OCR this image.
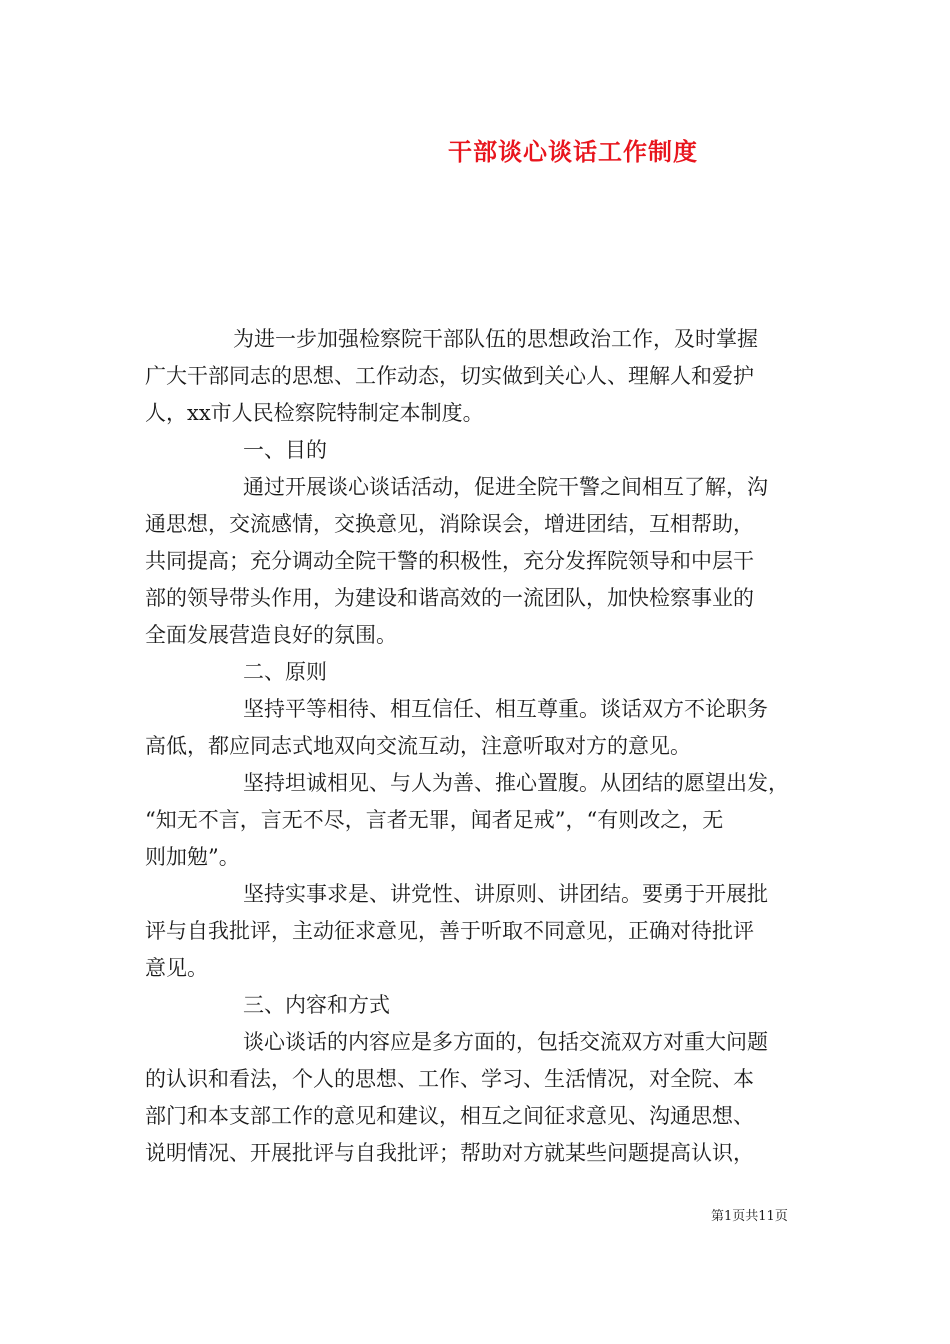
干部谈心谈话工作制度
为进一步加强检察院干部队伍的思想政治工作，及时掌握
广大干部同志的思想、工作动态，切实做到关心人、理解人和爱护
人，xx市人民检察院特制定本制度。
一、目的
通过开展谈心谈话活动，促进全院干警之间相互了解，沟
通思想，交流感情，交换意见，消除误会，增进团结，互相帮助，
共同提高；充分调动全院干警的积极性，充分发挥院领导和中层干
部的领导带头作用，为建设和谐高效的一流团队，加快检察事业的
全面发展营造良好的氛围。
二、原则
坚持平等相待、相互信任、相互尊重。谈话双方不论职务
高低，都应同志式地双向交流互动，注意听取对方的意见。
坚持坦诚相见、与人为善、推心置腹。从团结的愿望出发，
“知无不言，言无不尽，言者无罪，闻者足戒”，“有则改之，无
则加勉”。
坚持实事求是、讲党性、讲原则、讲团结。要勇于开展批
评与自我批评，主动征求意见，善于听取不同意见，正确对待批评
意见。
三、内容和方式
谈心谈话的内容应是多方面的，包括交流双方对重大问题
的认识和看法，个人的思想、工作、学习、生活情况，对全院、本
部门和本支部工作的意见和建议，相互之间征求意见、沟通思想、
说明情况、开展批评与自我批评；帮助对方就某些问题提高认识，
第1页共11页
